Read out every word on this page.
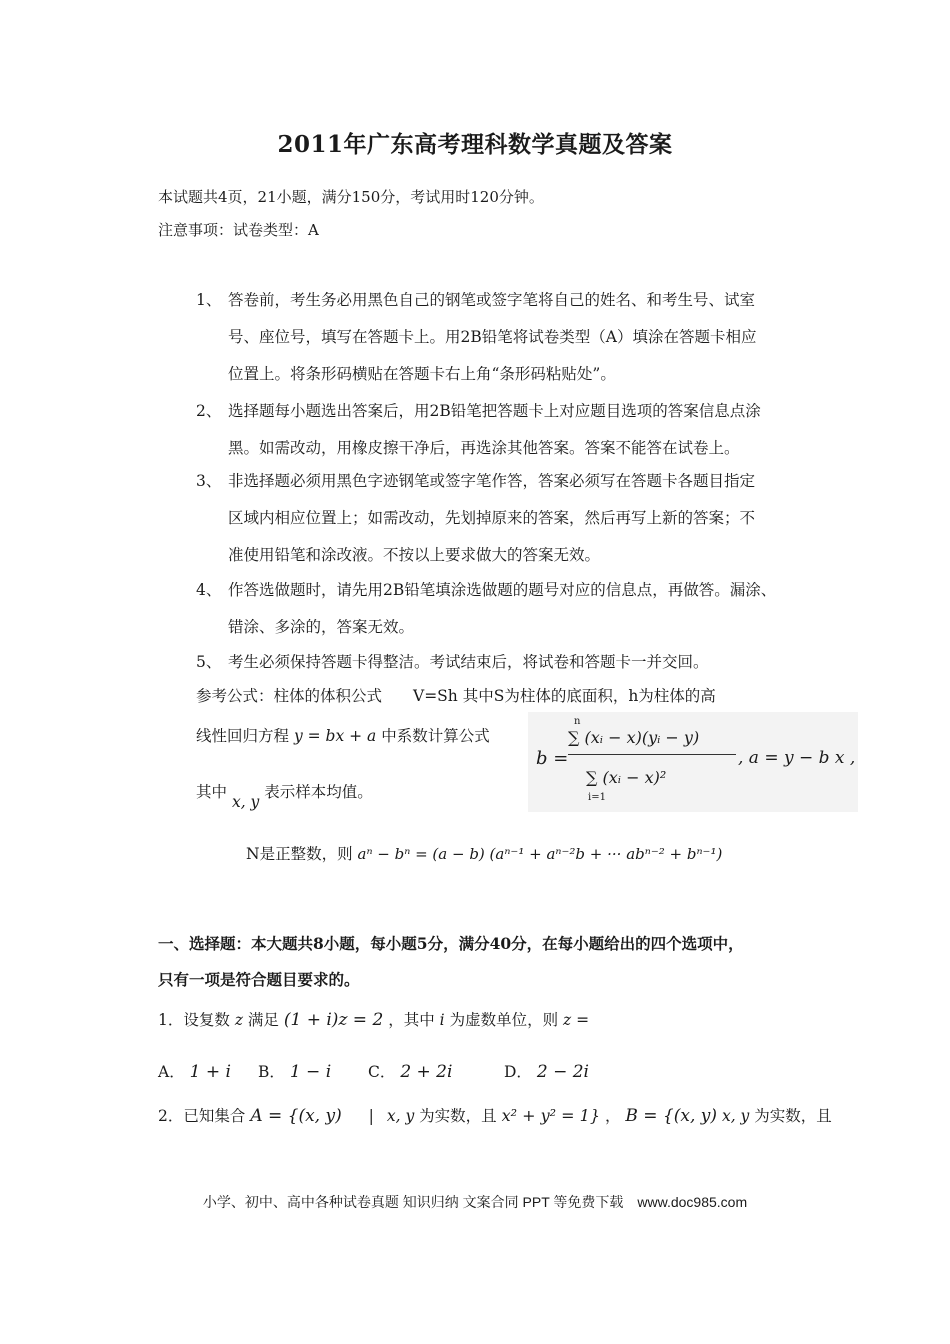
2011年广东高考理科数学真题及答案
本试题共4页，21小题，满分150分，考试用时120分钟。
注意事项：试卷类型：A
1、 答卷前，考生务必用黑色自己的钢笔或签字笔将自己的姓名、和考生号、试室
号、座位号，填写在答题卡上。用2B铅笔将试卷类型（A）填涂在答题卡相应
位置上。将条形码横贴在答题卡右上角“条形码粘贴处”。
2、 选择题每小题选出答案后，用2B铅笔把答题卡上对应题目选项的答案信息点涂
黑。如需改动，用橡皮擦干净后，再选涂其他答案。答案不能答在试卷上。
3、 非选择题必须用黑色字迹钢笔或签字笔作答，答案必须写在答题卡各题目指定
区域内相应位置上；如需改动，先划掉原来的答案，然后再写上新的答案；不
准使用铅笔和涂改液。不按以上要求做大的答案无效。
4、 作答选做题时，请先用2B铅笔填涂选做题的题号对应的信息点，再做答。漏涂、
错涂、多涂的，答案无效。
5、 考生必须保持答题卡得整洁。考试结束后，将试卷和答题卡一并交回。
参考公式：柱体的体积公式　　V=Sh 其中S为柱体的底面积，h为柱体的高
线性回归方程 y = bx + a 中系数计算公式
b =
n
∑ (xᵢ − x)(yᵢ − y)
∑ (xᵢ − x)²
i=1
, a = y − b x ,
其中 x, y 表示样本均值。
N是正整数，则 aⁿ − bⁿ = (a − b) (aⁿ⁻¹ + aⁿ⁻²b + ··· abⁿ⁻² + bⁿ⁻¹)
一、选择题：本大题共8小题，每小题5分，满分40分，在每小题给出的四个选项中，
只有一项是符合题目要求的。
1．设复数 z 满足 (1 + i)z = 2 ，其中 i 为虚数单位，则 z =
A． 1 + i B． 1 − i C． 2 + 2i	D． 2 − 2i
2．已知集合 A = {(x, y) | x, y 为实数，且 x² + y² = 1} ， B = {(x, y) x, y 为实数，且
小学、初中、高中各种试卷真题 知识归纳 文案合同 PPT 等免费下载　www.doc985.com
